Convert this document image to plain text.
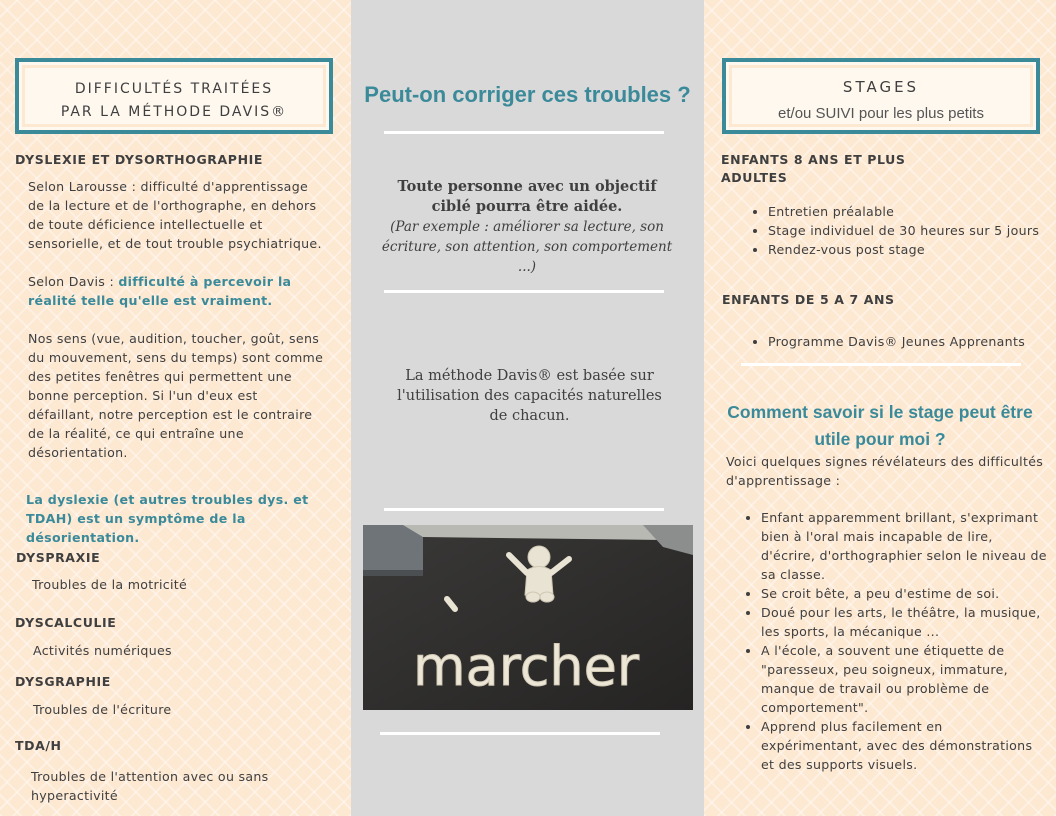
DIFFICULTÉS TRAITÉES
PAR LA MÉTHODE DAVIS®
DYSLEXIE ET DYSORTHOGRAPHIE
Selon Larousse : difficulté d'apprentissage de la lecture et de l'orthographe, en dehors de toute déficience intellectuelle et sensorielle, et de tout trouble psychiatrique.
Selon Davis : difficulté à percevoir la réalité telle qu'elle est vraiment.
Nos sens (vue, audition, toucher, goût, sens du mouvement, sens du temps) sont comme des petites fenêtres qui permettent une bonne perception. Si l'un d'eux est défaillant, notre perception est le contraire de la réalité, ce qui entraîne une désorientation.
La dyslexie (et autres troubles dys. et TDAH) est un symptôme de la désorientation.
DYSPRAXIE
Troubles de la motricité
DYSCALCULIE
Activités numériques
DYSGRAPHIE
Troubles de l'écriture
TDA/H
Troubles de l'attention avec ou sans hyperactivité
Peut-on corriger ces troubles ?
Toute personne avec un objectif ciblé pourra être aidée.
(Par exemple : améliorer sa lecture, son écriture, son attention, son comportement ...)
La méthode Davis® est basée sur l'utilisation des capacités naturelles de chacun.
marcher
STAGES
et/ou SUIVI pour les plus petits
ENFANTS 8 ANS ET PLUS
ADULTES
• Entretien préalable
• Stage individuel de 30 heures sur 5 jours
• Rendez-vous post stage
ENFANTS DE 5 A 7 ANS
• Programme Davis® Jeunes Apprenants
Comment savoir si le stage peut être utile pour moi ?
Voici quelques signes révélateurs des difficultés d'apprentissage :
• Enfant apparemment brillant, s'exprimant bien à l'oral mais incapable de lire, d'écrire, d'orthographier selon le niveau de sa classe.
• Se croit bête, a peu d'estime de soi.
• Doué pour les arts, le théâtre, la musique, les sports, la mécanique ...
• A l'école, a souvent une étiquette de "paresseux, peu soigneux, immature, manque de travail ou problème de comportement".
• Apprend plus facilement en expérimentant, avec des démonstrations et des supports visuels.
